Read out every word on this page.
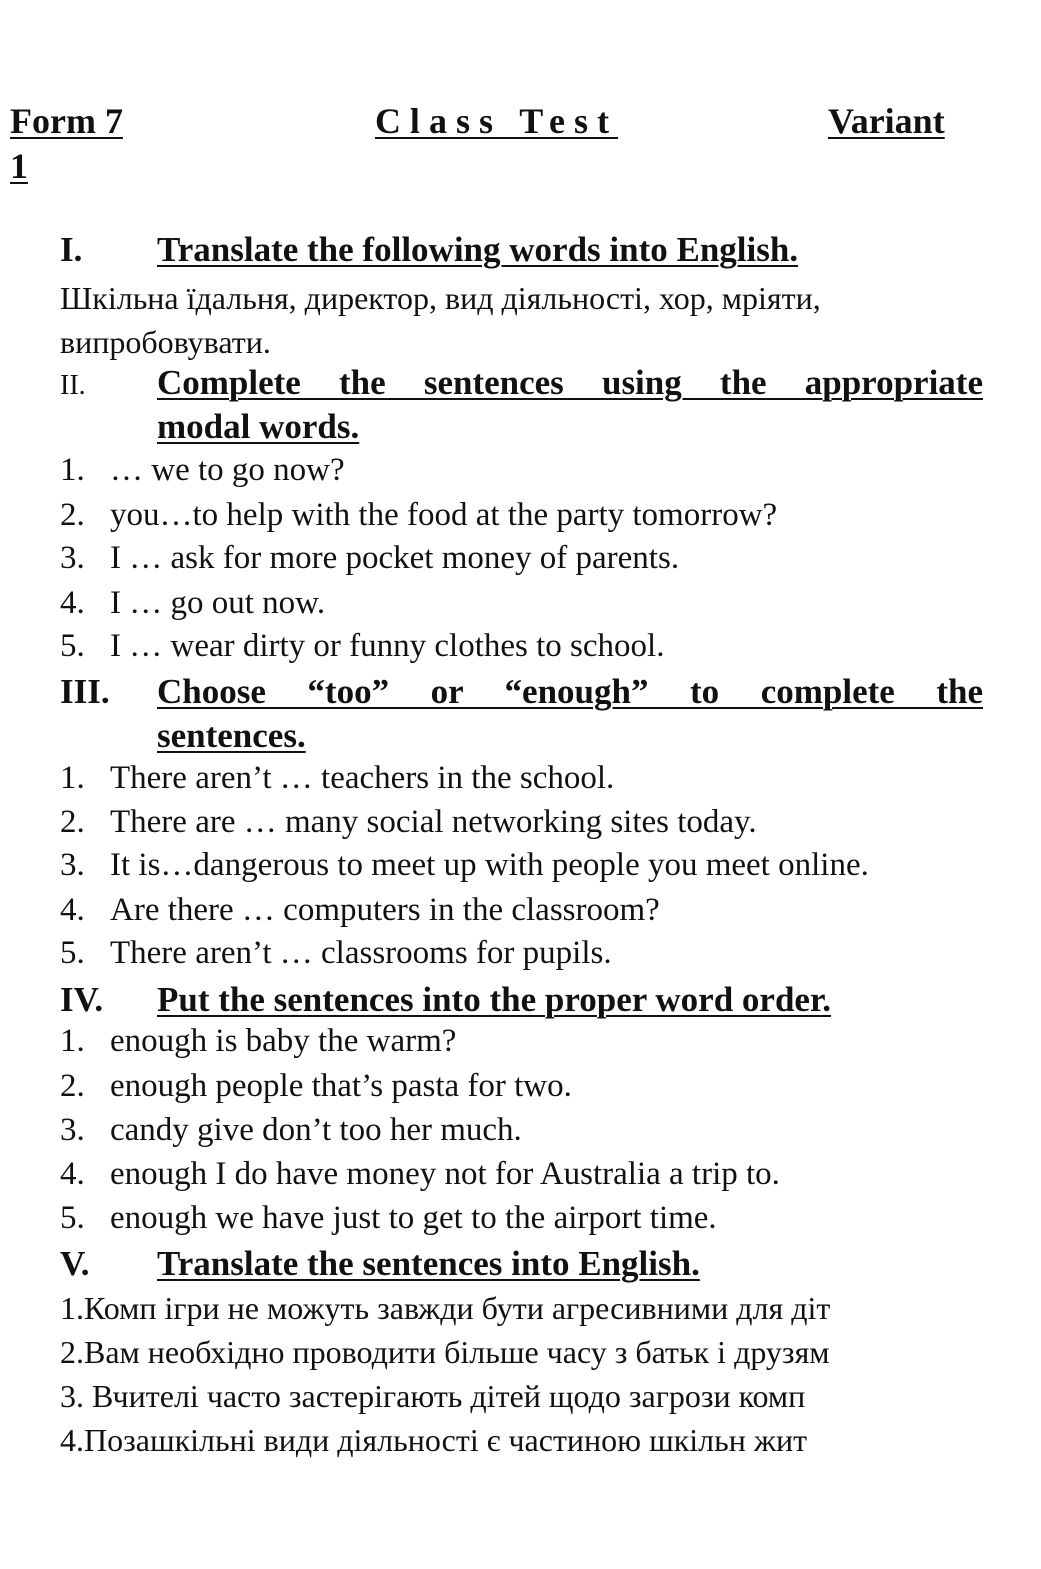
Form 7	Class Test	Variant
1
I. Translate the following words into English.
Шкільна їдальня, директор, вид діяльності, хор, мріяти, випробовувати.
II. Complete the sentences using the appropriate
modal words.
1. … we to go now?
2. you…to help with the food at the party tomorrow?
3. I … ask for more pocket money of parents.
4. I … go out now.
5. I … wear dirty or funny clothes to school.
III. Choose “too” or “enough” to complete the
sentences.
1. There aren’t … teachers in the school.
2. There are … many social networking sites today.
3. It is…dangerous to meet up with people you meet online.
4. Are there … computers in the classroom?
5. There aren’t … classrooms for pupils.
IV. Put the sentences into the proper word order.
1. enough is baby the warm?
2. enough people that’s pasta for two.
3. candy give don’t too her much.
4. enough I do have money not for Australia a trip to.
5. enough we have just to get to the airport time.
V. Translate the sentences into English.
1.Комп ігри не можуть завжди бути агресивними для діт
2.Вам необхідно проводити більше часу з батьк і друзям
3. Вчителі часто застерігають дітей щодо загрози комп
4.Позашкільні види діяльності є частиною шкільн жит
